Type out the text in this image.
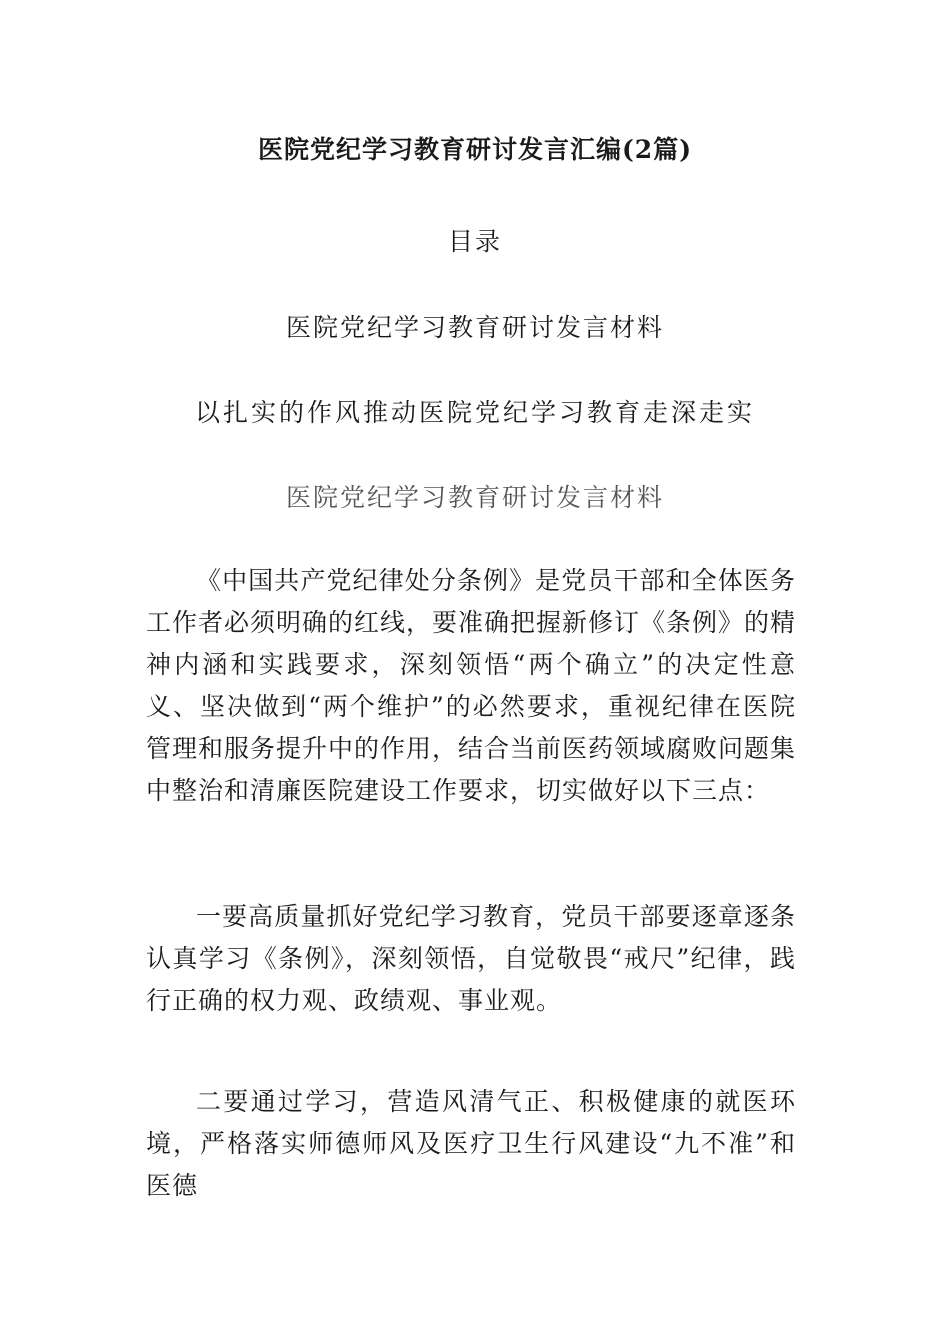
医院党纪学习教育研讨发言汇编(2篇)
目录
医院党纪学习教育研讨发言材料
以扎实的作风推动医院党纪学习教育走深走实
医院党纪学习教育研讨发言材料
《中国共产党纪律处分条例》是党员干部和全体医务工作者必须明确的红线，要准确把握新修订《条例》的精神内涵和实践要求，深刻领悟“两个确立”的决定性意义、坚决做到“两个维护”的必然要求，重视纪律在医院管理和服务提升中的作用，结合当前医药领域腐败问题集中整治和清廉医院建设工作要求，切实做好以下三点：
一要高质量抓好党纪学习教育，党员干部要逐章逐条认真学习《条例》，深刻领悟，自觉敬畏“戒尺”纪律，践行正确的权力观、政绩观、事业观。
二要通过学习，营造风清气正、积极健康的就医环境，严格落实师德师风及医疗卫生行风建设“九不准”和医德
